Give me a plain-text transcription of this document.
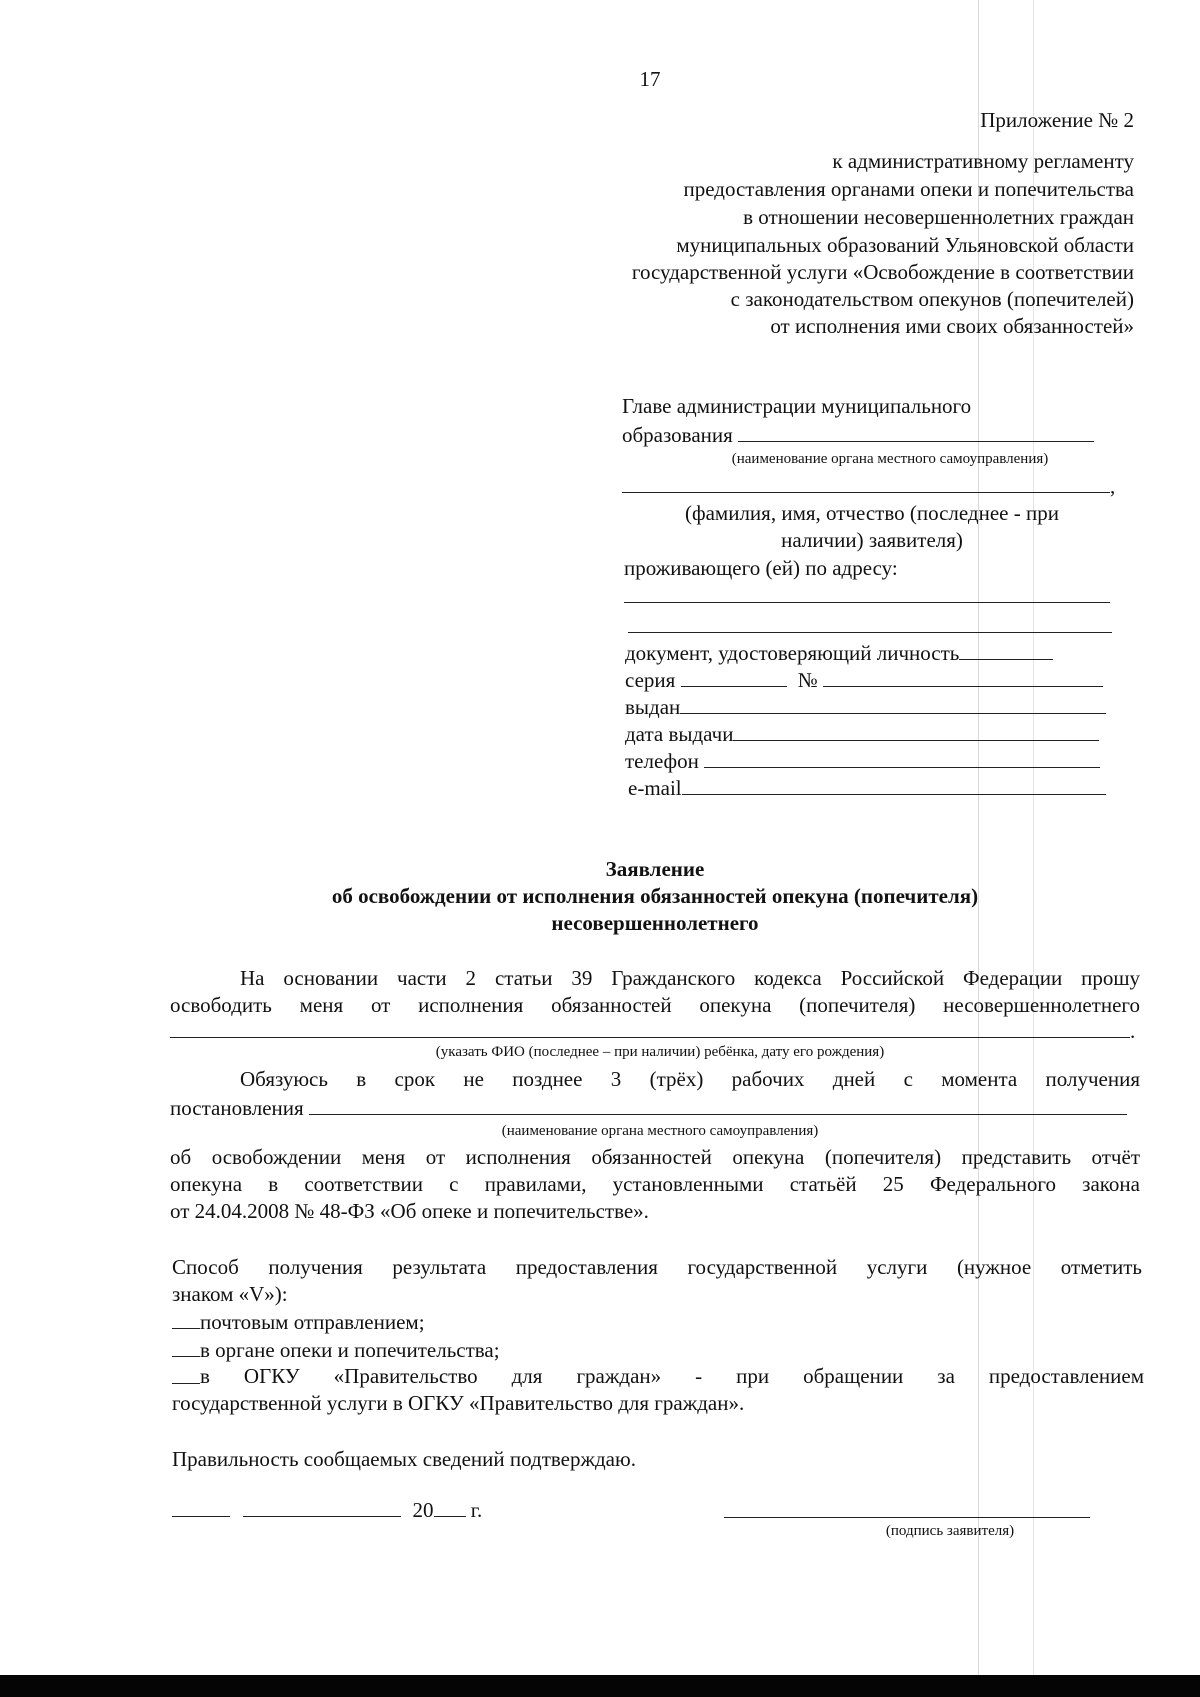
17
Приложение № 2
к административному регламенту
предоставления органами опеки и попечительства
в отношении несовершеннолетних граждан
муниципальных образований Ульяновской области
государственной услуги «Освобождение в соответствии
с законодательством опекунов (попечителей)
от исполнения ими своих обязанностей»
Главе администрации муниципального
образования
(наименование органа местного самоуправления)
,
(фамилия, имя, отчество (последнее - при
наличии) заявителя)
проживающего (ей) по адресу:
документ, удостоверяющий личность
серия	№
выдан
дата выдачи
телефон
e-mail
Заявление
об освобождении от исполнения обязанностей опекуна (попечителя)
несовершеннолетнего
На основании части 2 статьи 39 Гражданского кодекса Российской Федерации прошу
освободить меня от исполнения обязанностей опекуна (попечителя) несовершеннолетнего
.
(указать ФИО (последнее – при наличии) ребёнка, дату его рождения)
Обязуюсь в срок не позднее 3 (трёх) рабочих дней с момента получения
постановления
(наименование органа местного самоуправления)
об освобождении меня от исполнения обязанностей опекуна (попечителя) представить отчёт
опекуна в соответствии с правилами, установленными статьёй 25 Федерального закона
от 24.04.2008 № 48-ФЗ «Об опеке и попечительстве».
Способ получения результата предоставления государственной услуги (нужное отметить
знаком «V»):
почтовым отправлением;
в органе опеки и попечительства;
в ОГКУ «Правительство для граждан» - при обращении за предоставлением
государственной услуги в ОГКУ «Правительство для граждан».
Правильность сообщаемых сведений подтверждаю.
20 г.
(подпись заявителя)
